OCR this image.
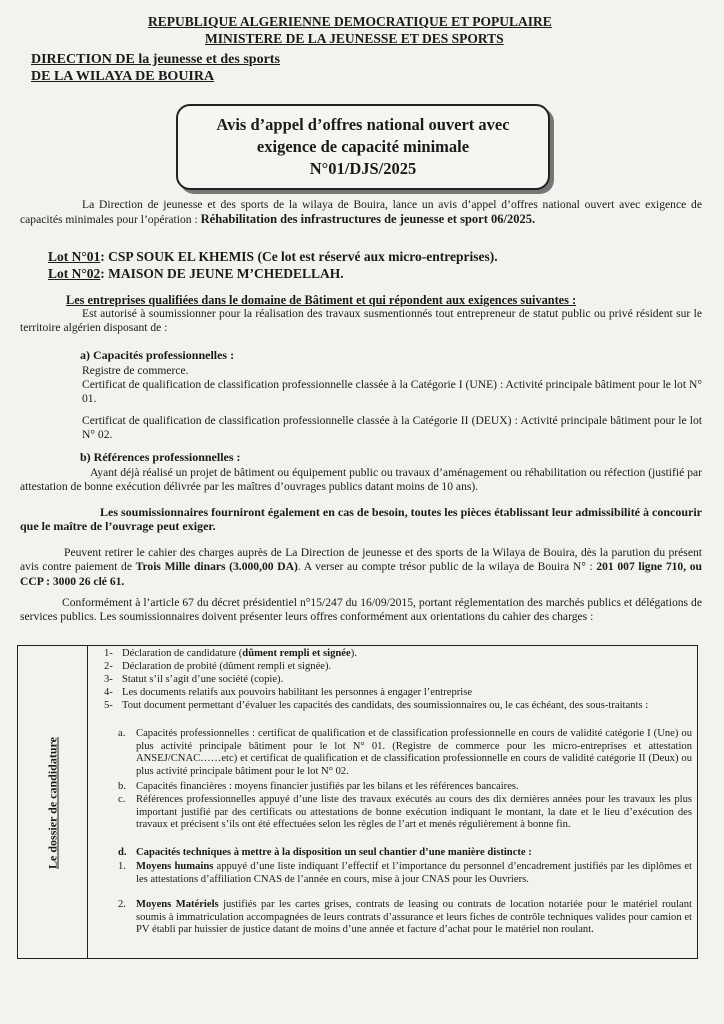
REPUBLIQUE ALGERIENNE DEMOCRATIQUE ET POPULAIRE
MINISTERE DE LA JEUNESSE ET DES SPORTS
DIRECTION DE la jeunesse et des sports
DE LA WILAYA DE BOUIRA
Avis d’appel d’offres national ouvert avec
exigence de capacité minimale
N°01/DJS/2025
La Direction de jeunesse et des sports de la wilaya de Bouira, lance un avis d’appel d’offres national ouvert avec exigence de capacités minimales pour l’opération : Réhabilitation des infrastructures de jeunesse et sport 06/2025.
Lot N°01: CSP SOUK EL KHEMIS (Ce lot est réservé aux micro-entreprises).
Lot N°02: MAISON DE JEUNE M’CHEDELLAH.
Les entreprises qualifiées dans le domaine de Bâtiment et qui répondent aux exigences suivantes :
Est autorisé à soumissionner pour la réalisation des travaux susmentionnés tout entrepreneur de statut public ou privé résident sur le territoire algérien disposant de :
a) Capacités professionnelles :
Registre de commerce.
Certificat de qualification de classification professionnelle classée à la Catégorie I (UNE) : Activité principale bâtiment pour le lot N° 01.
Certificat de qualification de classification professionnelle classée à la Catégorie II (DEUX) : Activité principale bâtiment pour le lot N° 02.
b) Références professionnelles :
Ayant déjà réalisé un projet de bâtiment ou équipement public ou travaux d’aménagement ou réhabilitation ou réfection (justifié par attestation de bonne exécution délivrée par les maîtres d’ouvrages publics datant moins de 10 ans).
Les soumissionnaires fourniront également en cas de besoin, toutes les pièces établissant leur admissibilité à concourir que le maître de l’ouvrage peut exiger.
Peuvent retirer le cahier des charges auprès de La Direction de jeunesse et des sports de la Wilaya de Bouira, dès la parution du présent avis contre paiement de Trois Mille dinars (3.000,00 DA). A verser au compte trésor public de la wilaya de Bouira N° : 201 007 ligne 710, ou CCP : 3000 26 clé 61.
Conformément à l’article 67 du décret présidentiel n°15/247 du 16/09/2015, portant réglementation des marchés publics et délégations de services publics. Les soumissionnaires doivent présenter leurs offres conformément aux orientations du cahier des charges :
Le dossier de candidature
1- Déclaration de candidature (dûment rempli et signée).
2- Déclaration de probité (dûment rempli et signée).
3- Statut s’il s’agit d’une société (copie).
4- Les documents relatifs aux pouvoirs habilitant les personnes à engager l’entreprise
5- Tout document permettant d’évaluer les capacités des candidats, des soumissionnaires ou, le cas échéant, des sous-traitants :
a. Capacités professionnelles : certificat de qualification et de classification professionnelle en cours de validité catégorie I (Une) ou plus activité principale bâtiment pour le lot N° 01. (Registre de commerce pour les micro-entreprises et attestation ANSEJ/CNAC……etc) et certificat de qualification et de classification professionnelle en cours de validité catégorie II (Deux) ou plus activité principale bâtiment pour le lot N° 02.
b. Capacités financières : moyens financier justifiés par les bilans et les références bancaires.
c. Références professionnelles appuyé d’une liste des travaux exécutés au cours des dix dernières années pour les travaux les plus important justifié par des certificats ou attestations de bonne exécution indiquant le montant, la date et le lieu d’exécution des travaux et précisent s’ils ont été effectuées selon les règles de l’art et menés régulièrement à bonne fin.
d. Capacités techniques à mettre à la disposition un seul chantier d’une manière distincte :
1. Moyens humains appuyé d’une liste indiquant l’effectif et l’importance du personnel d’encadrement justifiés par les diplômes et les attestations d’affiliation CNAS de l’année en cours, mise à jour CNAS pour les Ouvriers.
2. Moyens Matériels justifiés par les cartes grises, contrats de leasing ou contrats de location notariée pour le matériel roulant soumis à immatriculation accompagnées de leurs contrats d’assurance et leurs fiches de contrôle techniques valides pour camion et PV établi par huissier de justice datant de moins d’une année et facture d’achat pour le matériel non roulant.
